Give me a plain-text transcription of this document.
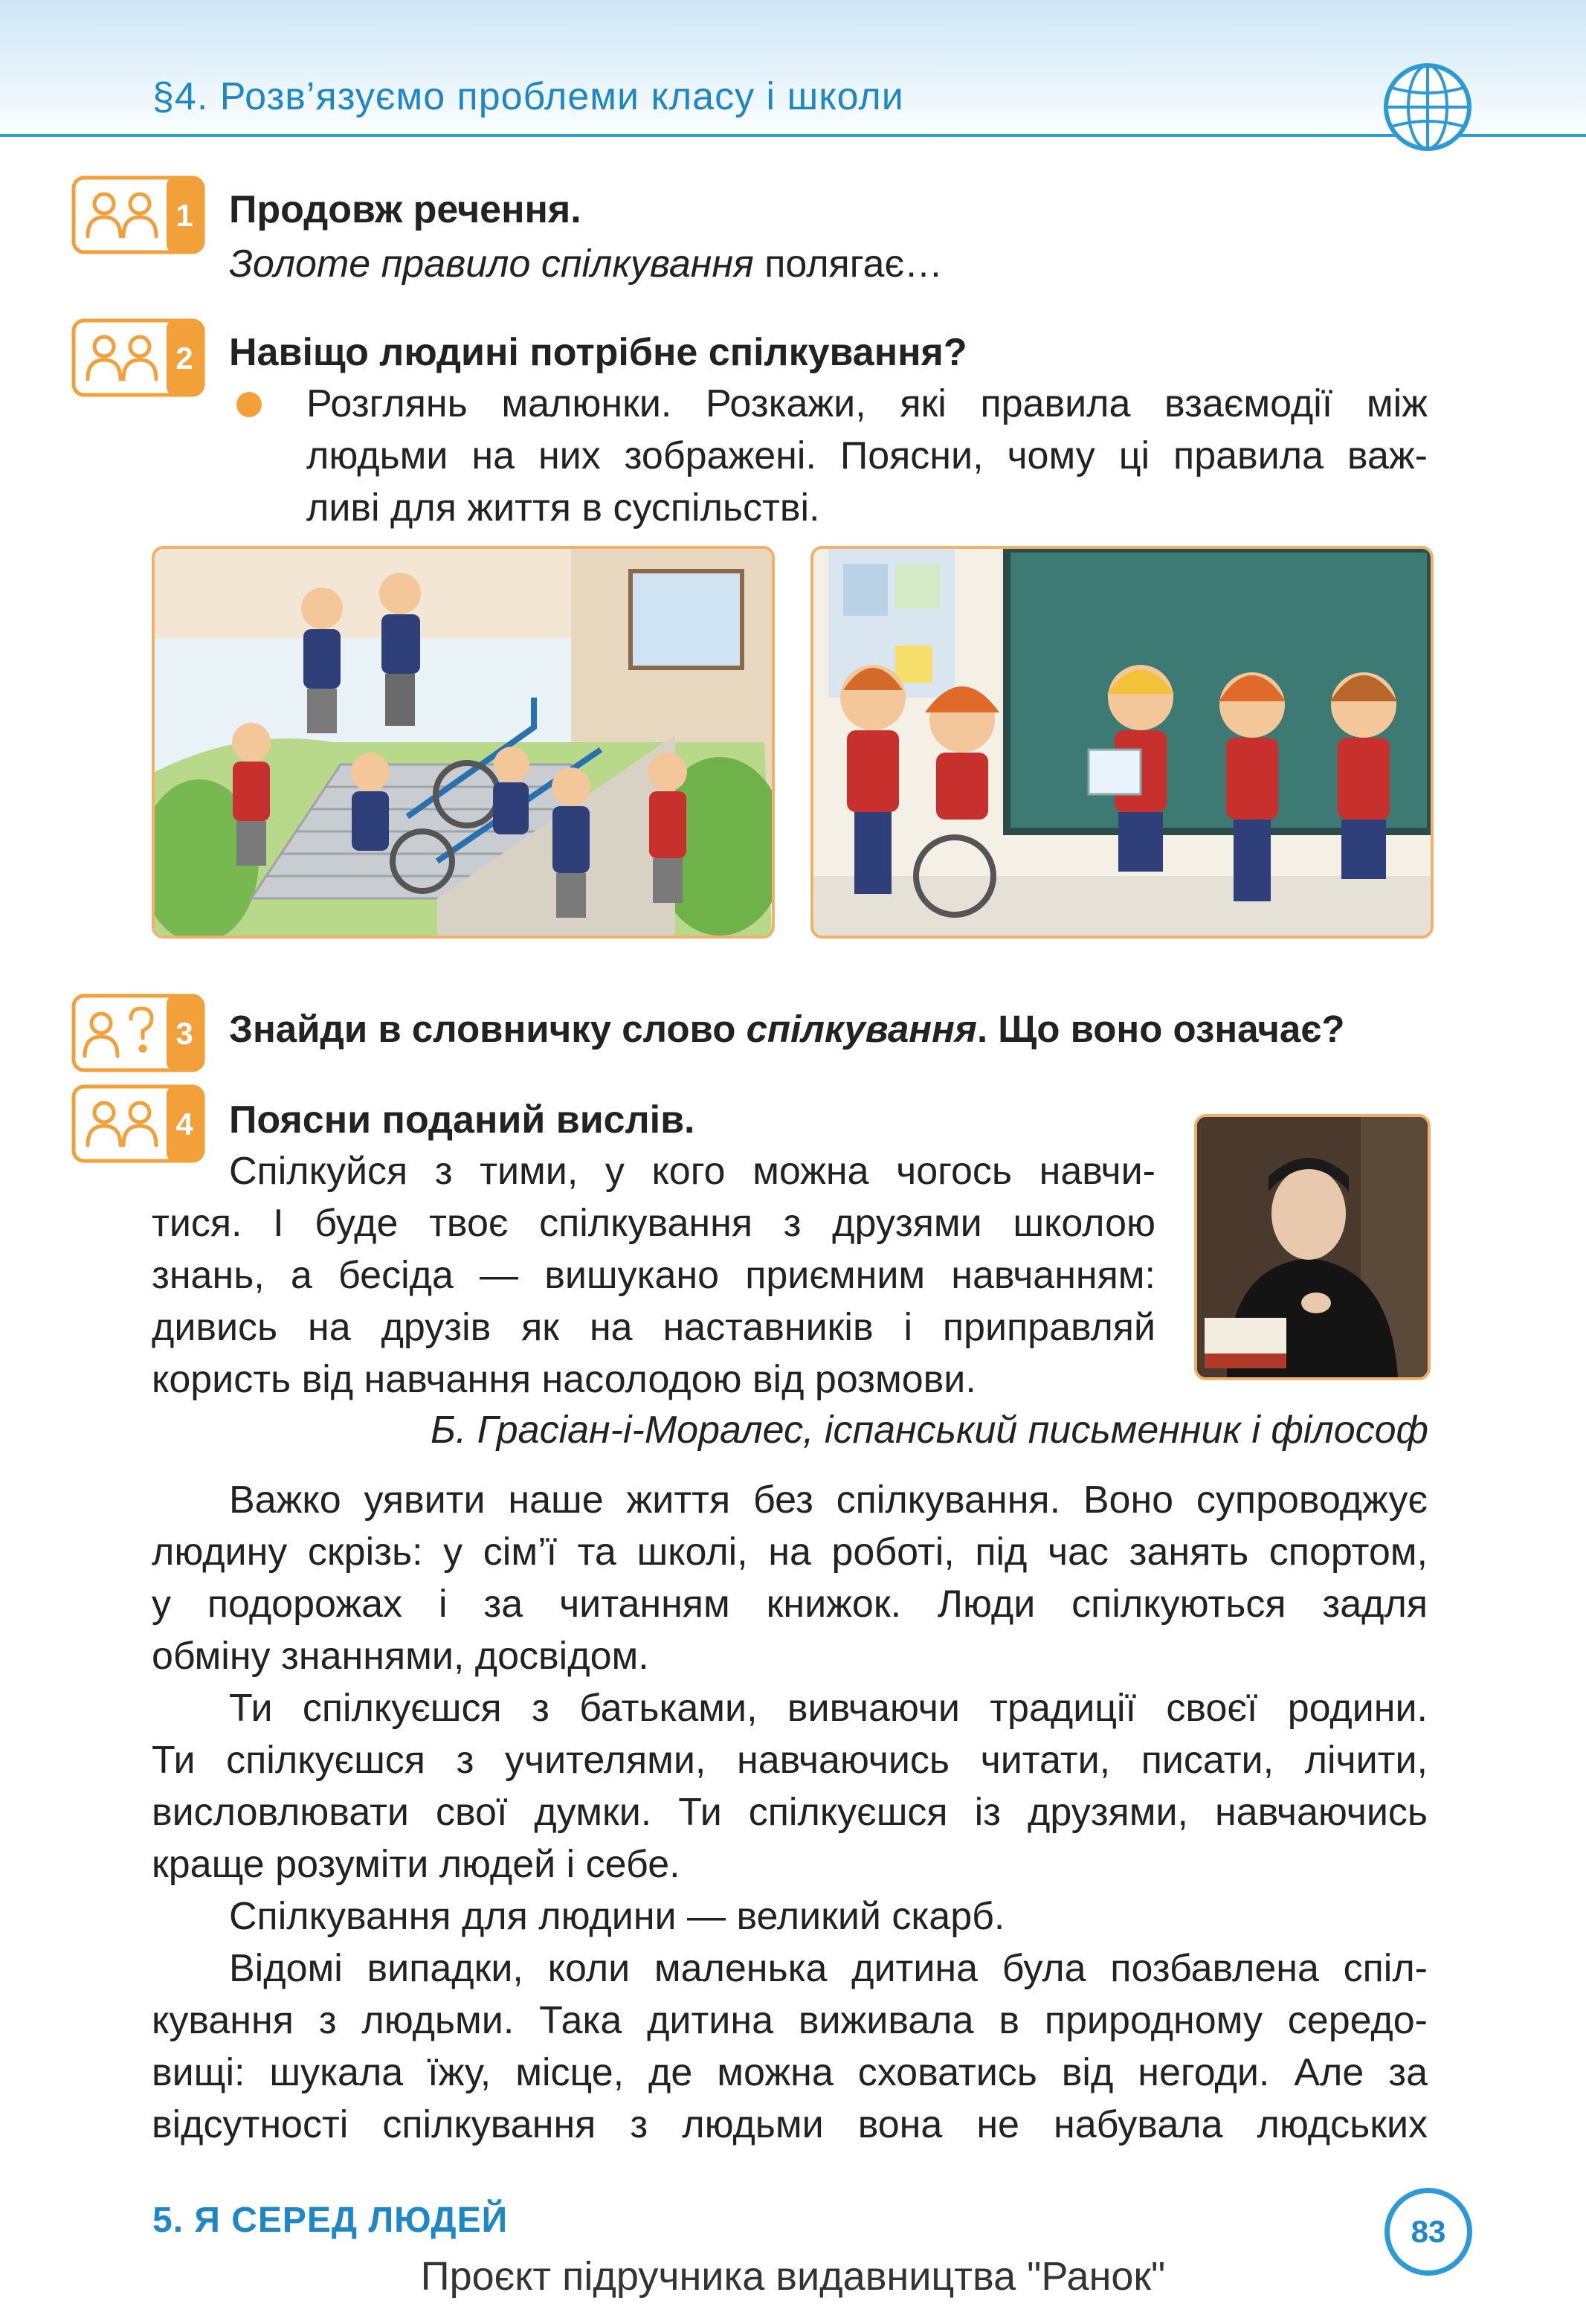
§4. Розв’язуємо проблеми класу і школи
1 Продовж речення.
Золоте правило спілкування полягає…
2 Навіщо людині потрібне спілкування?
Розглянь малюнки. Розкажи, які правила взаємодії між
людьми на них зображені. Поясни, чому ці правила важ-
ливі для життя в суспільстві.
3 Знайди в словничку слово спілкування. Що воно означає?
4 Поясни поданий вислів.
Спілкуйся з тими, у кого можна чогось навчи-
тися. І буде твоє спілкування з друзями школою
знань, а бесіда — вишукано приємним навчанням:
дивись на друзів як на наставників і приправляй
користь від навчання насолодою від розмови.
Б. Грасіан-і-Моралес, іспанський письменник і філософ
Важко уявити наше життя без спілкування. Воно супроводжує
людину скрізь: у сім’ї та школі, на роботі, під час занять спортом,
у подорожах і за читанням книжок. Люди спілкуються задля
обміну знаннями, досвідом.
Ти спілкуєшся з батьками, вивчаючи традиції своєї родини.
Ти спілкуєшся з учителями, навчаючись читати, писати, лічити,
висловлювати свої думки. Ти спілкуєшся із друзями, навчаючись
краще розуміти людей і себе.
Спілкування для людини — великий скарб.
Відомі випадки, коли маленька дитина була позбавлена спіл-
кування з людьми. Така дитина виживала в природному середо-
вищі: шукала їжу, місце, де можна сховатись від негоди. Але за
відсутності спілкування з людьми вона не набувала людських
5. Я СЕРЕД ЛЮДЕЙ	83
Проєкт підручника видавництва "Ранок"
